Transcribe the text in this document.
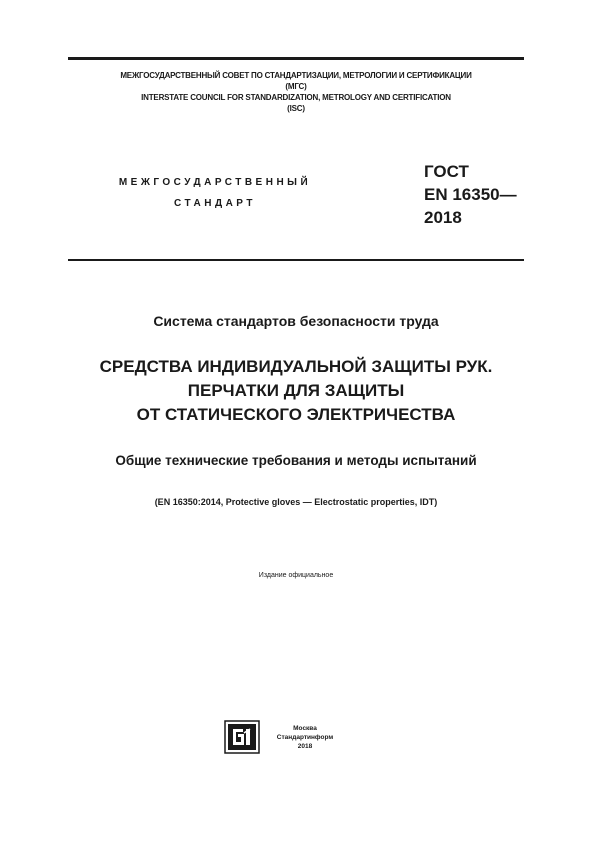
МЕЖГОСУДАРСТВЕННЫЙ СОВЕТ ПО СТАНДАРТИЗАЦИИ, МЕТРОЛОГИИ И СЕРТИФИКАЦИИ
(МГС)
INTERSTATE COUNCIL FOR STANDARDIZATION, METROLOGY AND CERTIFICATION
(ISC)
МЕЖГОСУДАРСТВЕННЫЙ
СТАНДАРТ
ГОСТ
EN 16350—
2018
Система стандартов безопасности труда
СРЕДСТВА ИНДИВИДУАЛЬНОЙ ЗАЩИТЫ РУК.
ПЕРЧАТКИ ДЛЯ ЗАЩИТЫ
ОТ СТАТИЧЕСКОГО ЭЛЕКТРИЧЕСТВА
Общие технические требования и методы испытаний
(EN 16350:2014, Protective gloves — Electrostatic properties, IDT)
Издание официальное
Москва
Стандартинформ
2018
